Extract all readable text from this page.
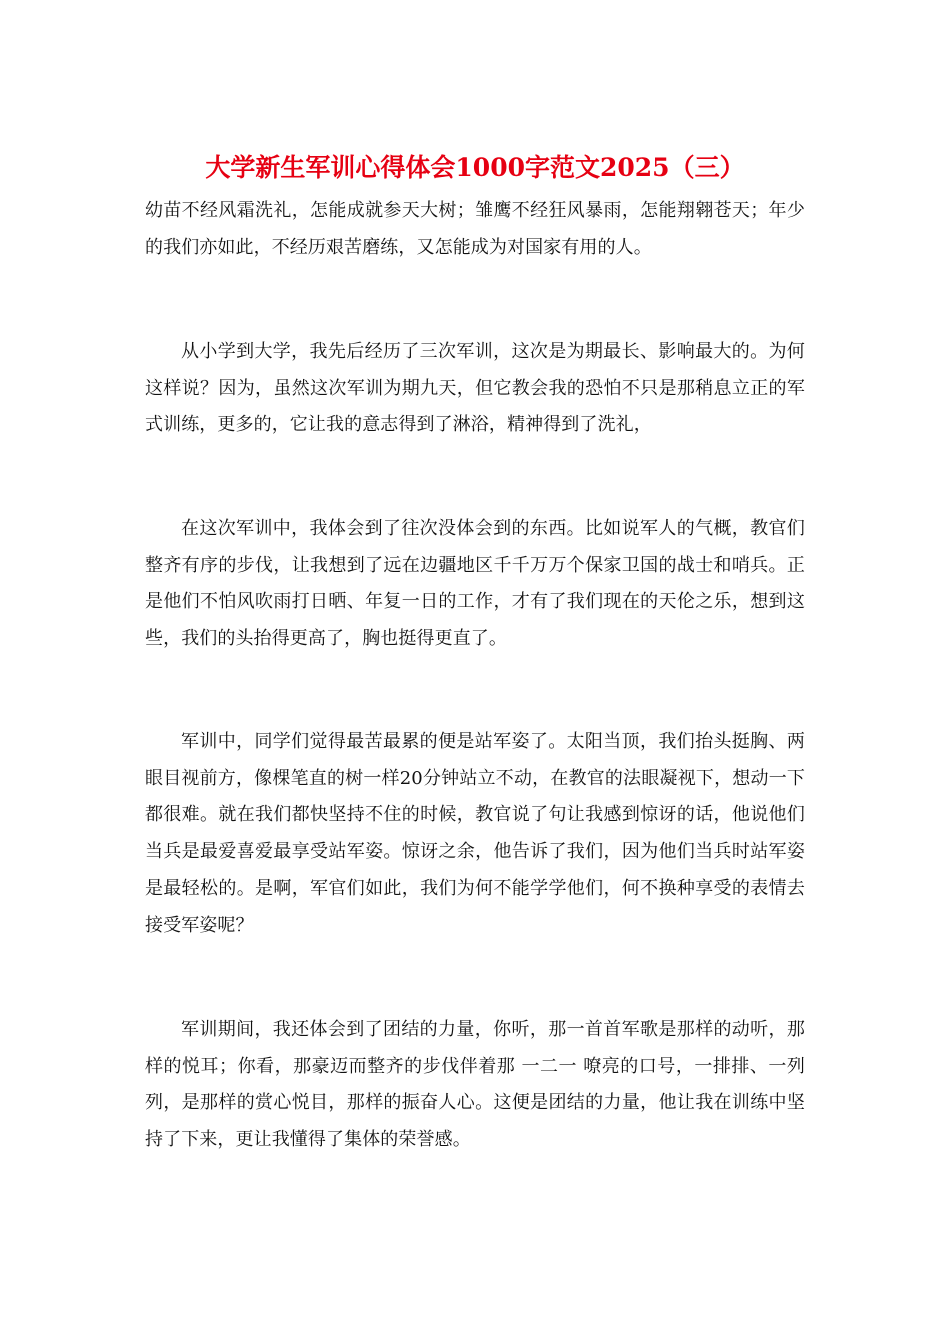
大学新生军训心得体会1000字范文2025（三）

幼苗不经风霜洗礼，怎能成就参天大树；雏鹰不经狂风暴雨，怎能翔翱苍天；年少的我们亦如此，不经历艰苦磨练，又怎能成为对国家有用的人。

从小学到大学，我先后经历了三次军训，这次是为期最长、影响最大的。为何这样说？因为，虽然这次军训为期九天，但它教会我的恐怕不只是那稍息立正的军式训练，更多的，它让我的意志得到了淋浴，精神得到了洗礼，

在这次军训中，我体会到了往次没体会到的东西。比如说军人的气概，教官们整齐有序的步伐，让我想到了远在边疆地区千千万万个保家卫国的战士和哨兵。正是他们不怕风吹雨打日晒、年复一日的工作，才有了我们现在的天伦之乐，想到这些，我们的头抬得更高了，胸也挺得更直了。

军训中，同学们觉得最苦最累的便是站军姿了。太阳当顶，我们抬头挺胸、两眼目视前方，像棵笔直的树一样20分钟站立不动，在教官的法眼凝视下，想动一下都很难。就在我们都快坚持不住的时候，教官说了句让我感到惊讶的话，他说他们当兵是最爱喜爱最享受站军姿。惊讶之余，他告诉了我们，因为他们当兵时站军姿是最轻松的。是啊，军官们如此，我们为何不能学学他们，何不换种享受的表情去接受军姿呢？

军训期间，我还体会到了团结的力量，你听，那一首首军歌是那样的动听，那样的悦耳；你看，那豪迈而整齐的步伐伴着那 一二一 嘹亮的口号，一排排、一列列，是那样的赏心悦目，那样的振奋人心。这便是团结的力量，他让我在训练中坚持了下来，更让我懂得了集体的荣誉感。
